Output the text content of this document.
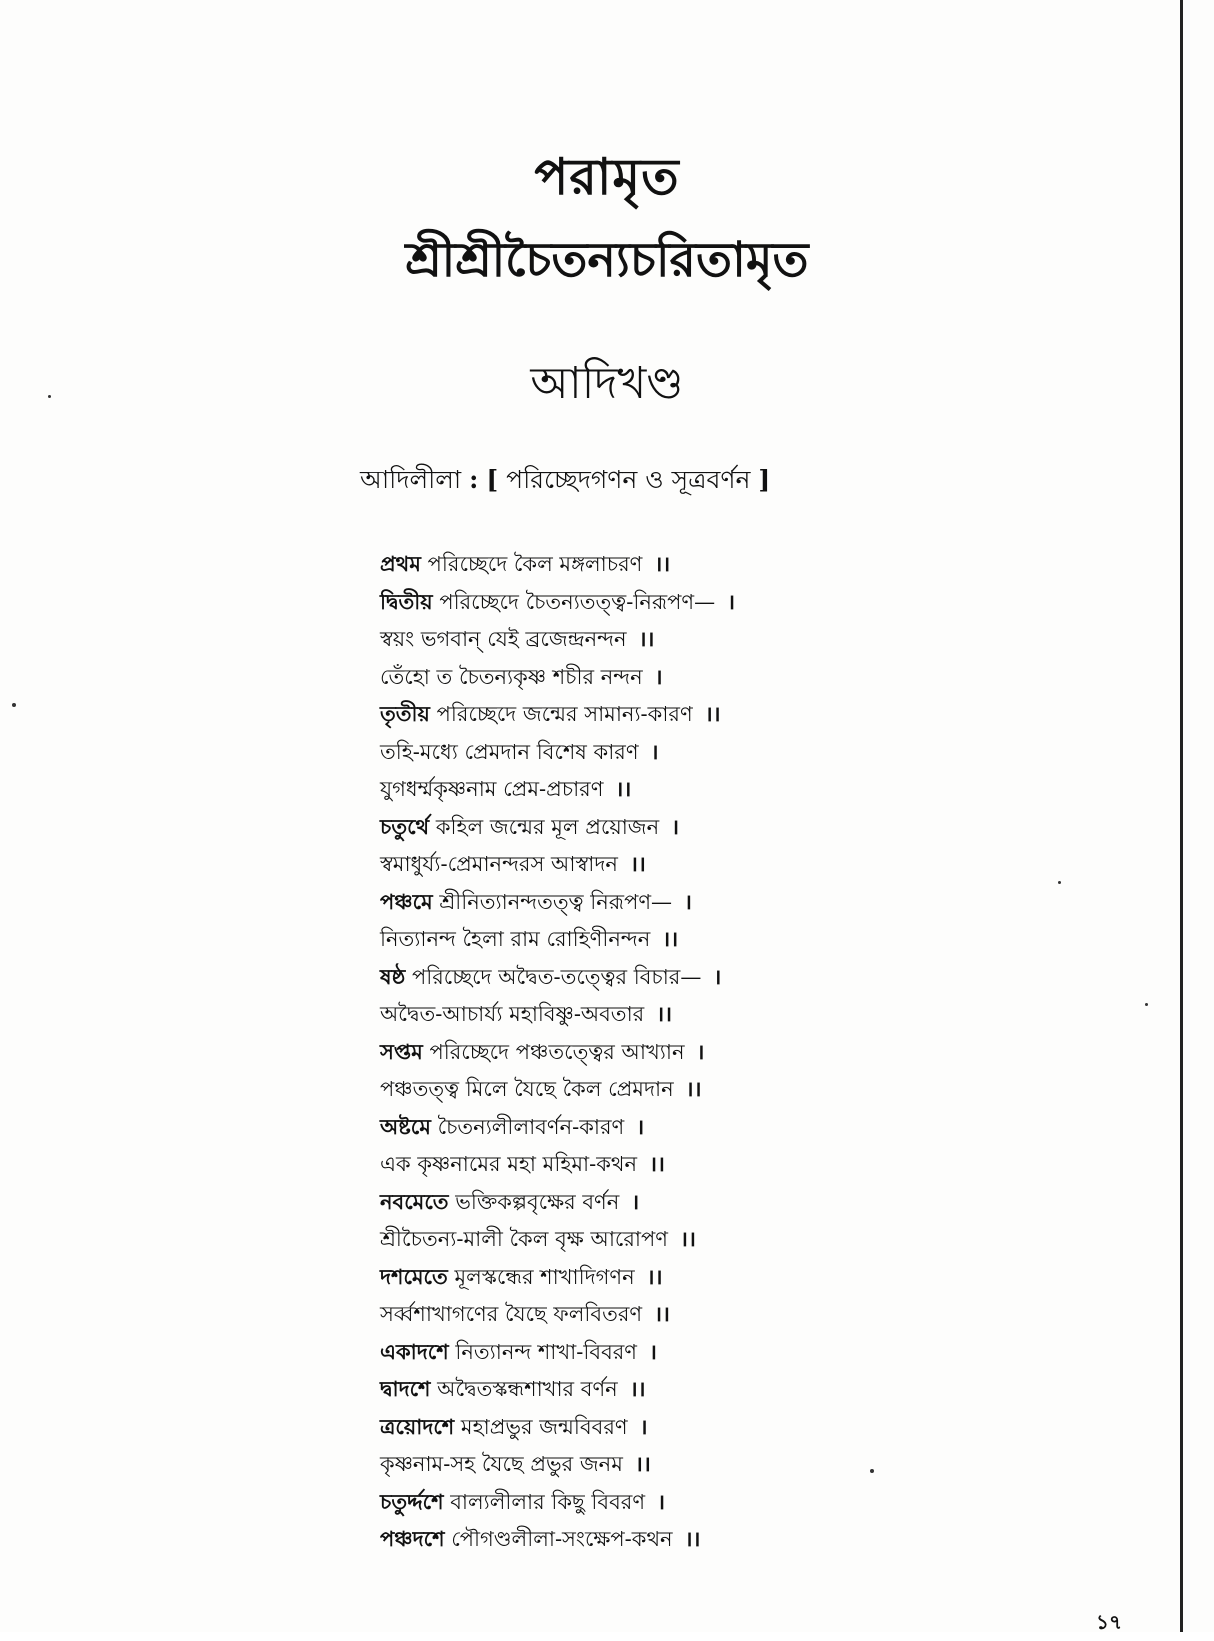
পরামৃত
শ্রীশ্রীচৈতন্যচরিতামৃত
আদিখণ্ড
আদিলীলা : [ পরিচ্ছেদগণন ও সূত্রবর্ণন ]
প্রথম পরিচ্ছেদে কৈল মঙ্গলাচরণ ।।
দ্বিতীয় পরিচ্ছেদে চৈতন্যতত্ত্ব-নিরূপণ— ।
স্বয়ং ভগবান্ যেই ব্রজেন্দ্রনন্দন ।।
তেঁহো ত চৈতন্যকৃষ্ণ শচীর নন্দন ।
তৃতীয় পরিচ্ছেদে জন্মের সামান্য-কারণ ।।
তহি-মধ্যে প্রেমদান বিশেষ কারণ ।
যুগধর্ম্মকৃষ্ণনাম প্রেম-প্রচারণ ।।
চতুর্থে কহিল জন্মের মূল প্রয়োজন ।
স্বমাধুর্য্য-প্রেমানন্দরস আস্বাদন ।।
পঞ্চমে শ্রীনিত্যানন্দতত্ত্ব নিরূপণ— ।
নিত্যানন্দ হৈলা রাম রোহিণীনন্দন ।।
ষষ্ঠ পরিচ্ছেদে অদ্বৈত-তত্ত্বের বিচার— ।
অদ্বৈত-আচার্য্য মহাবিষ্ণু-অবতার ।।
সপ্তম পরিচ্ছেদে পঞ্চতত্ত্বের আখ্যান ।
পঞ্চতত্ত্ব মিলে যৈছে কৈল প্রেমদান ।।
অষ্টমে চৈতন্যলীলাবর্ণন-কারণ ।
এক কৃষ্ণনামের মহা মহিমা-কথন ।।
নবমেতে ভক্তিকল্পবৃক্ষের বর্ণন ।
শ্রীচৈতন্য-মালী কৈল বৃক্ষ আরোপণ ।।
দশমেতে মূলস্কন্ধের শাখাদিগণন ।।
সর্ব্বশাখাগণের যৈছে ফলবিতরণ ।।
একাদশে নিত্যানন্দ শাখা-বিবরণ ।
দ্বাদশে অদ্বৈতস্কন্ধশাখার বর্ণন ।।
ত্রয়োদশে মহাপ্রভুর জন্মবিবরণ ।
কৃষ্ণনাম-সহ যৈছে প্রভুর জনম ।।
চতুর্দ্দশে বাল্যলীলার কিছু বিবরণ ।
পঞ্চদশে পৌগণ্ডলীলা-সংক্ষেপ-কথন ।।
১৭
